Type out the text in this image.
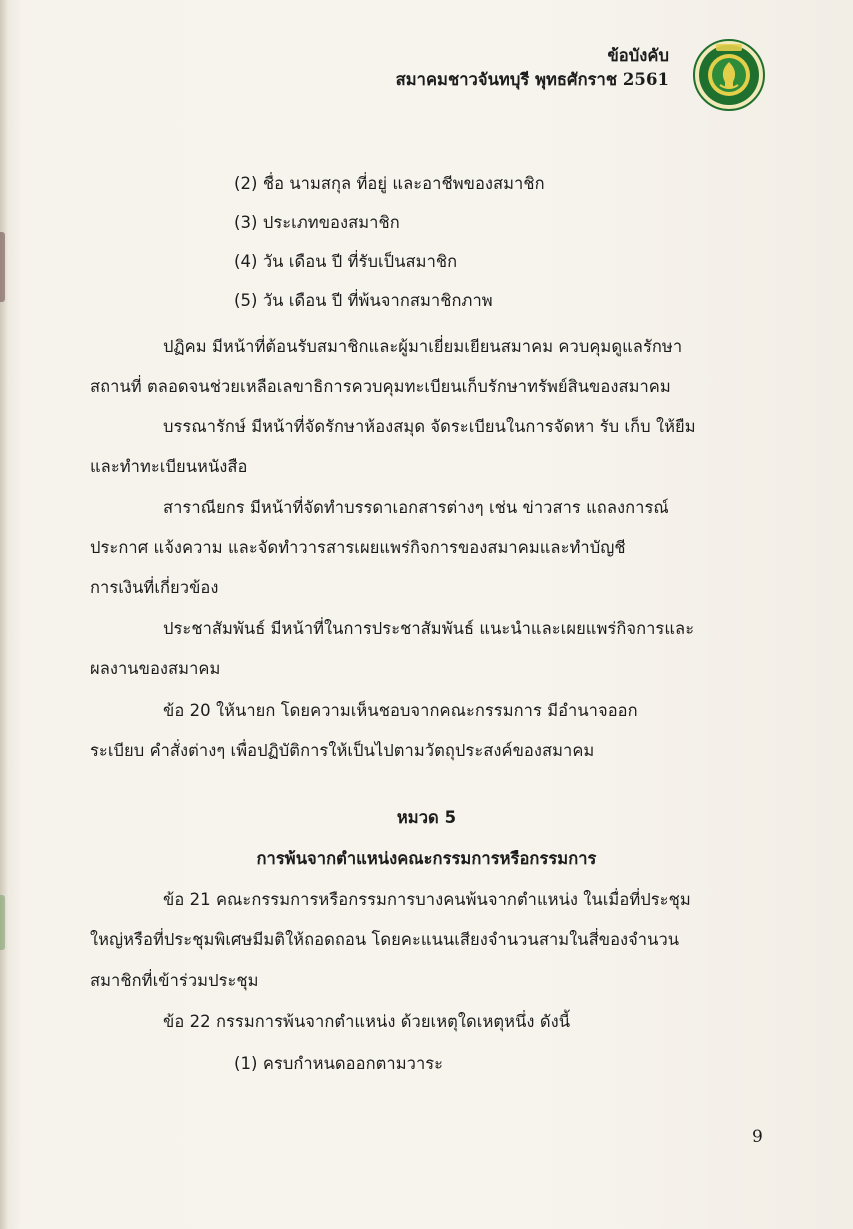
ข้อบังคับ
สมาคมชาวจันทบุรี พุทธศักราช 2561
(2) ชื่อ นามสกุล ที่อยู่ และอาชีพของสมาชิก
(3) ประเภทของสมาชิก
(4) วัน เดือน ปี ที่รับเป็นสมาชิก
(5) วัน เดือน ปี ที่พ้นจากสมาชิกภาพ
ปฏิคม มีหน้าที่ต้อนรับสมาชิกและผู้มาเยี่ยมเยียนสมาคม ควบคุมดูแลรักษา
สถานที่ ตลอดจนช่วยเหลือเลขาธิการควบคุมทะเบียนเก็บรักษาทรัพย์สินของสมาคม
บรรณารักษ์ มีหน้าที่จัดรักษาห้องสมุด จัดระเบียนในการจัดหา รับ เก็บ ให้ยืม
และทำทะเบียนหนังสือ
สาราณียกร มีหน้าที่จัดทำบรรดาเอกสารต่างๆ เช่น ข่าวสาร แถลงการณ์
ประกาศ แจ้งความ และจัดทำวารสารเผยแพร่กิจการของสมาคมและทำบัญชี
การเงินที่เกี่ยวข้อง
ประชาสัมพันธ์ มีหน้าที่ในการประชาสัมพันธ์ แนะนำและเผยแพร่กิจการและ
ผลงานของสมาคม
ข้อ 20 ให้นายก โดยความเห็นชอบจากคณะกรรมการ มีอำนาจออก
ระเบียบ คำสั่งต่างๆ เพื่อปฏิบัติการให้เป็นไปตามวัตถุประสงค์ของสมาคม
หมวด 5
การพ้นจากตำแหน่งคณะกรรมการหรือกรรมการ
ข้อ 21 คณะกรรมการหรือกรรมการบางคนพ้นจากตำแหน่ง ในเมื่อที่ประชุม
ใหญ่หรือที่ประชุมพิเศษมีมติให้ถอดถอน โดยคะแนนเสียงจำนวนสามในสี่ของจำนวน
สมาชิกที่เข้าร่วมประชุม
ข้อ 22 กรรมการพ้นจากตำแหน่ง ด้วยเหตุใดเหตุหนึ่ง ดังนี้
(1) ครบกำหนดออกตามวาระ
9
